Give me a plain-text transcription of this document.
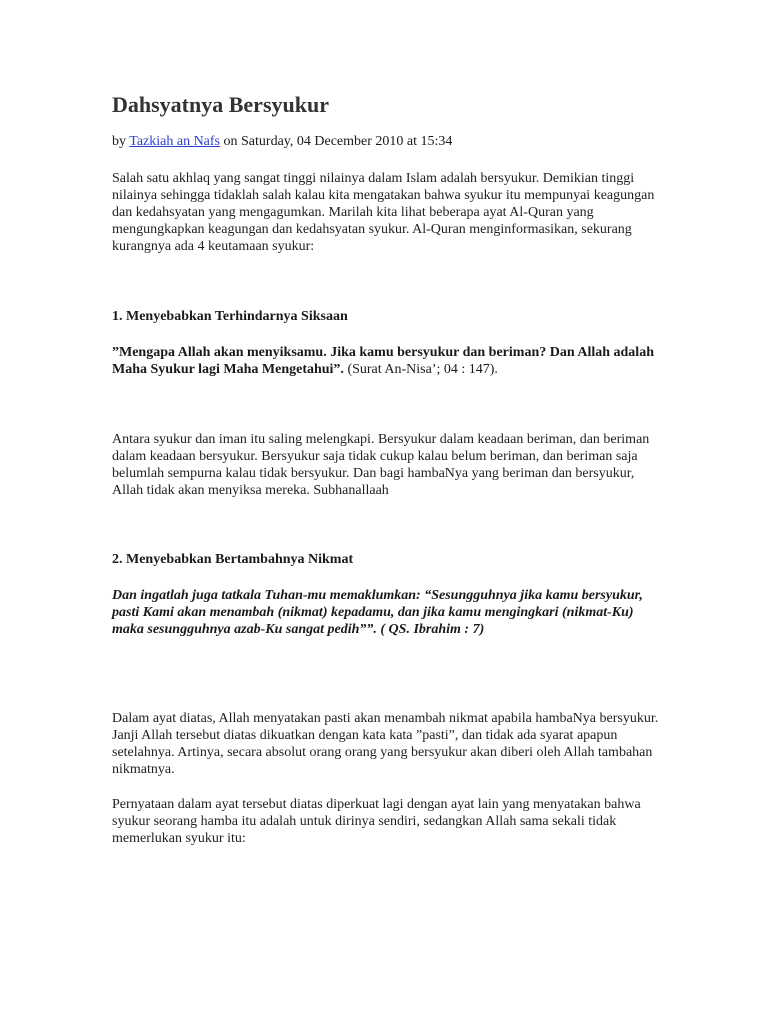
Dahsyatnya Bersyukur
by Tazkiah an Nafs on Saturday, 04 December 2010 at 15:34

Salah satu akhlaq yang sangat tinggi nilainya dalam Islam adalah bersyukur. Demikian tinggi nilainya sehingga tidaklah salah kalau kita mengatakan bahwa syukur itu mempunyai keagungan dan kedahsyatan yang mengagumkan. Marilah kita lihat beberapa ayat Al-Quran yang mengungkapkan keagungan dan kedahsyatan syukur. Al-Quran menginformasikan, sekurang kurangnya ada 4 keutamaan syukur:

1. Menyebabkan Terhindarnya Siksaan

”Mengapa Allah akan menyiksamu. Jika kamu bersyukur dan beriman? Dan Allah adalah Maha Syukur lagi Maha Mengetahui”. (Surat An-Nisa’; 04 : 147).

Antara syukur dan iman itu saling melengkapi. Bersyukur dalam keadaan beriman, dan beriman dalam keadaan bersyukur. Bersyukur saja tidak cukup kalau belum beriman, dan beriman saja belumlah sempurna kalau tidak bersyukur. Dan bagi hambaNya yang beriman dan bersyukur, Allah tidak akan menyiksa mereka. Subhanallaah

2. Menyebabkan Bertambahnya Nikmat

Dan ingatlah juga tatkala Tuhan-mu memaklumkan: “Sesungguhnya jika kamu bersyukur, pasti Kami akan menambah (nikmat) kepadamu, dan jika kamu mengingkari (nikmat-Ku) maka sesungguhnya azab-Ku sangat pedih””. ( QS. Ibrahim : 7)

Dalam ayat diatas, Allah menyatakan pasti akan menambah nikmat apabila hambaNya bersyukur. Janji Allah tersebut diatas dikuatkan dengan kata kata ”pasti”, dan tidak ada syarat apapun setelahnya. Artinya, secara absolut orang orang yang bersyukur akan diberi oleh Allah tambahan nikmatnya.

Pernyataan dalam ayat tersebut diatas diperkuat lagi dengan ayat lain yang menyatakan bahwa syukur seorang hamba itu adalah untuk dirinya sendiri, sedangkan Allah sama sekali tidak memerlukan syukur itu:
